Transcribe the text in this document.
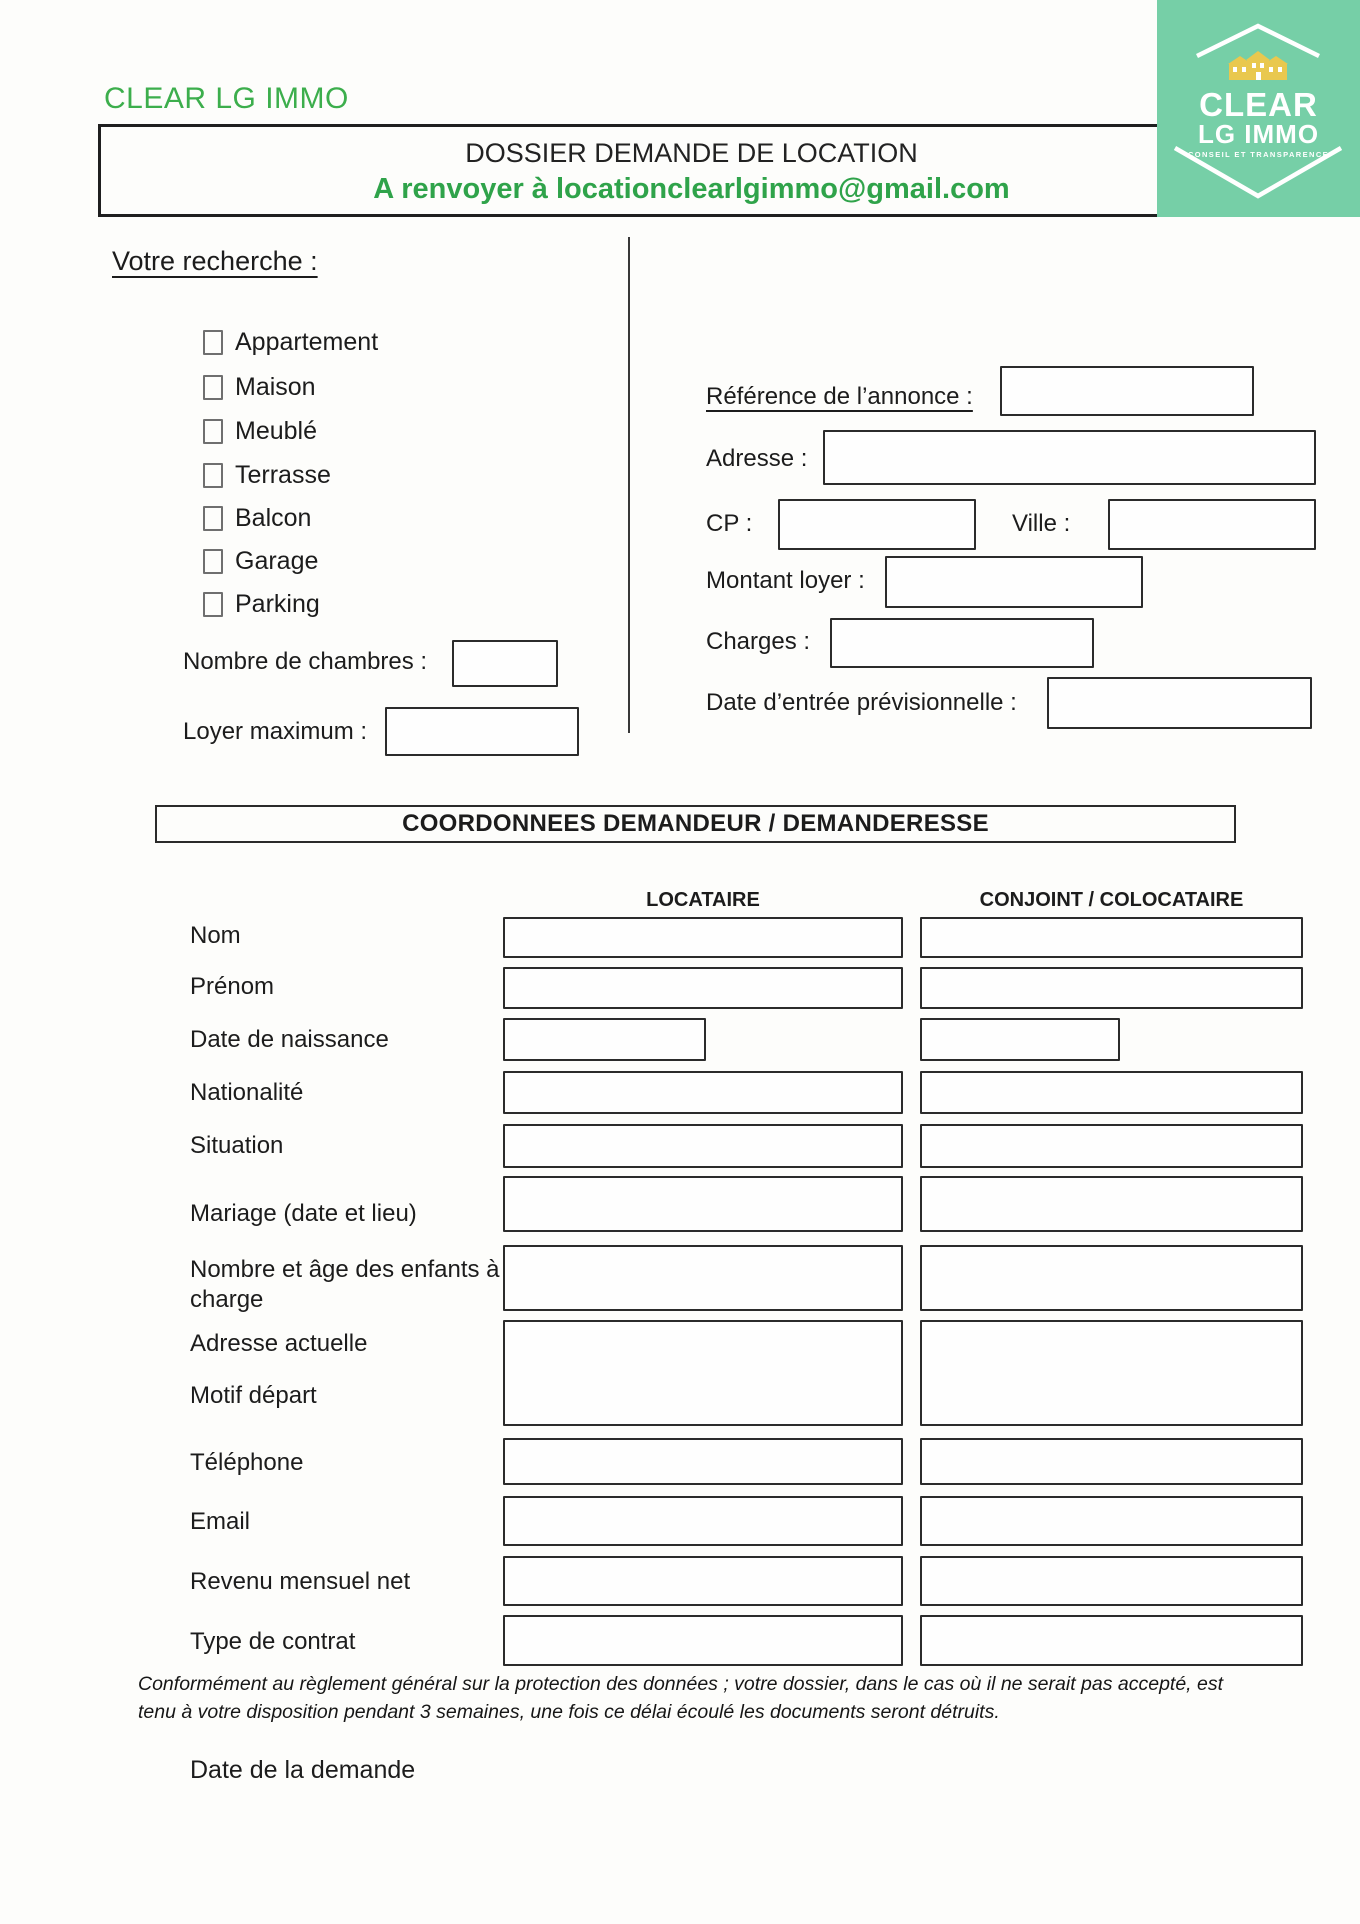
CLEAR LG IMMO
DOSSIER DEMANDE DE LOCATION
A renvoyer à locationclearlgimmo@gmail.com
CLEAR
LG IMMO
CONSEIL ET TRANSPARENCE
Votre recherche :
Appartement
Maison
Meublé
Terrasse
Balcon
Garage
Parking
Nombre de chambres :
Loyer maximum :
Référence de l’annonce :
Adresse :
CP :	Ville :
Montant loyer :
Charges :
Date d’entrée prévisionnelle :
COORDONNEES DEMANDEUR / DEMANDERESSE
LOCATAIRE	CONJOINT / COLOCATAIRE
Nom
Prénom
Date de naissance
Nationalité
Situation
Mariage (date et lieu)
Nombre et âge des enfants à charge
Adresse actuelle
Motif départ
Téléphone
Email
Revenu mensuel net
Type de contrat
Conformément au règlement général sur la protection des données ; votre dossier, dans le cas où il ne serait pas accepté, est
tenu à votre disposition pendant 3 semaines, une fois ce délai écoulé les documents seront détruits.
Date de la demande
